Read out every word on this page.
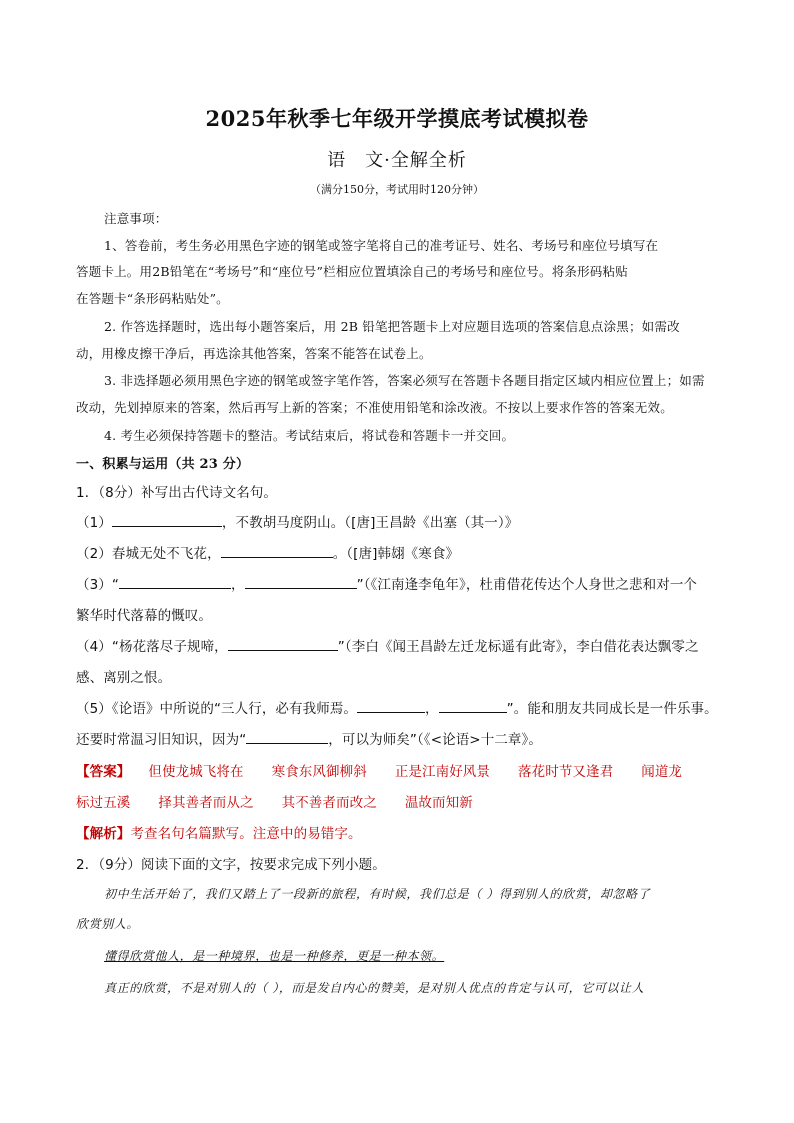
2025年秋季七年级开学摸底考试模拟卷
语　文·全解全析
（满分150分，考试用时120分钟）
注意事项：
1、答卷前，考生务必用黑色字迹的钢笔或签字笔将自己的准考证号、姓名、考场号和座位号填写在
答题卡上。用2B铅笔在“考场号”和“座位号”栏相应位置填涂自己的考场号和座位号。将条形码粘贴
在答题卡“条形码粘贴处”。
2. 作答选择题时，选出每小题答案后，用 2B 铅笔把答题卡上对应题目选项的答案信息点涂黑；如需改
动，用橡皮擦干净后，再选涂其他答案，答案不能答在试卷上。
3. 非选择题必须用黑色字迹的钢笔或签字笔作答，答案必须写在答题卡各题目指定区域内相应位置上；如需
改动，先划掉原来的答案，然后再写上新的答案；不准使用铅笔和涂改液。不按以上要求作答的答案无效。
4. 考生必须保持答题卡的整洁。考试结束后，将试卷和答题卡一并交回。
一、积累与运用（共 23 分）
1．（8分）补写出古代诗文名句。
（1）	，不教胡马度阴山。（[唐]王昌龄《出塞（其一）》
（2）春城无处不飞花，	。（[唐]韩翃《寒食》
（3）“	，	”（《江南逢李龟年》，杜甫借花传达个人身世之悲和对一个
繁华时代落幕的慨叹。
（4）“杨花落尽子规啼，	”（李白《闻王昌龄左迁龙标遥有此寄》，李白借花表达飘零之
感、离别之恨。
（5）《论语》中所说的“三人行，必有我师焉。	，	”。能和朋友共同成长是一件乐事。
还要时常温习旧知识，因为“	，可以为师矣”（《<论语>十二章》。
【答案】 但使龙城飞将在 寒食东风御柳斜 正是江南好风景 落花时节又逢君 闻道龙
标过五溪 择其善者而从之 其不善者而改之 温故而知新
【解析】考查名句名篇默写。注意中的易错字。
2．（9分）阅读下面的文字，按要求完成下列小题。
初中生活开始了，我们又踏上了一段新的旅程，有时候，我们总是（ ）得到别人的欣赏，却忽略了
欣赏别人。
懂得欣赏他人，是一种境界，也是一种修养，更是一种本领。
真正的欣赏，不是对别人的（ ），而是发自内心的赞美，是对别人优点的肯定与认可，它可以让人
